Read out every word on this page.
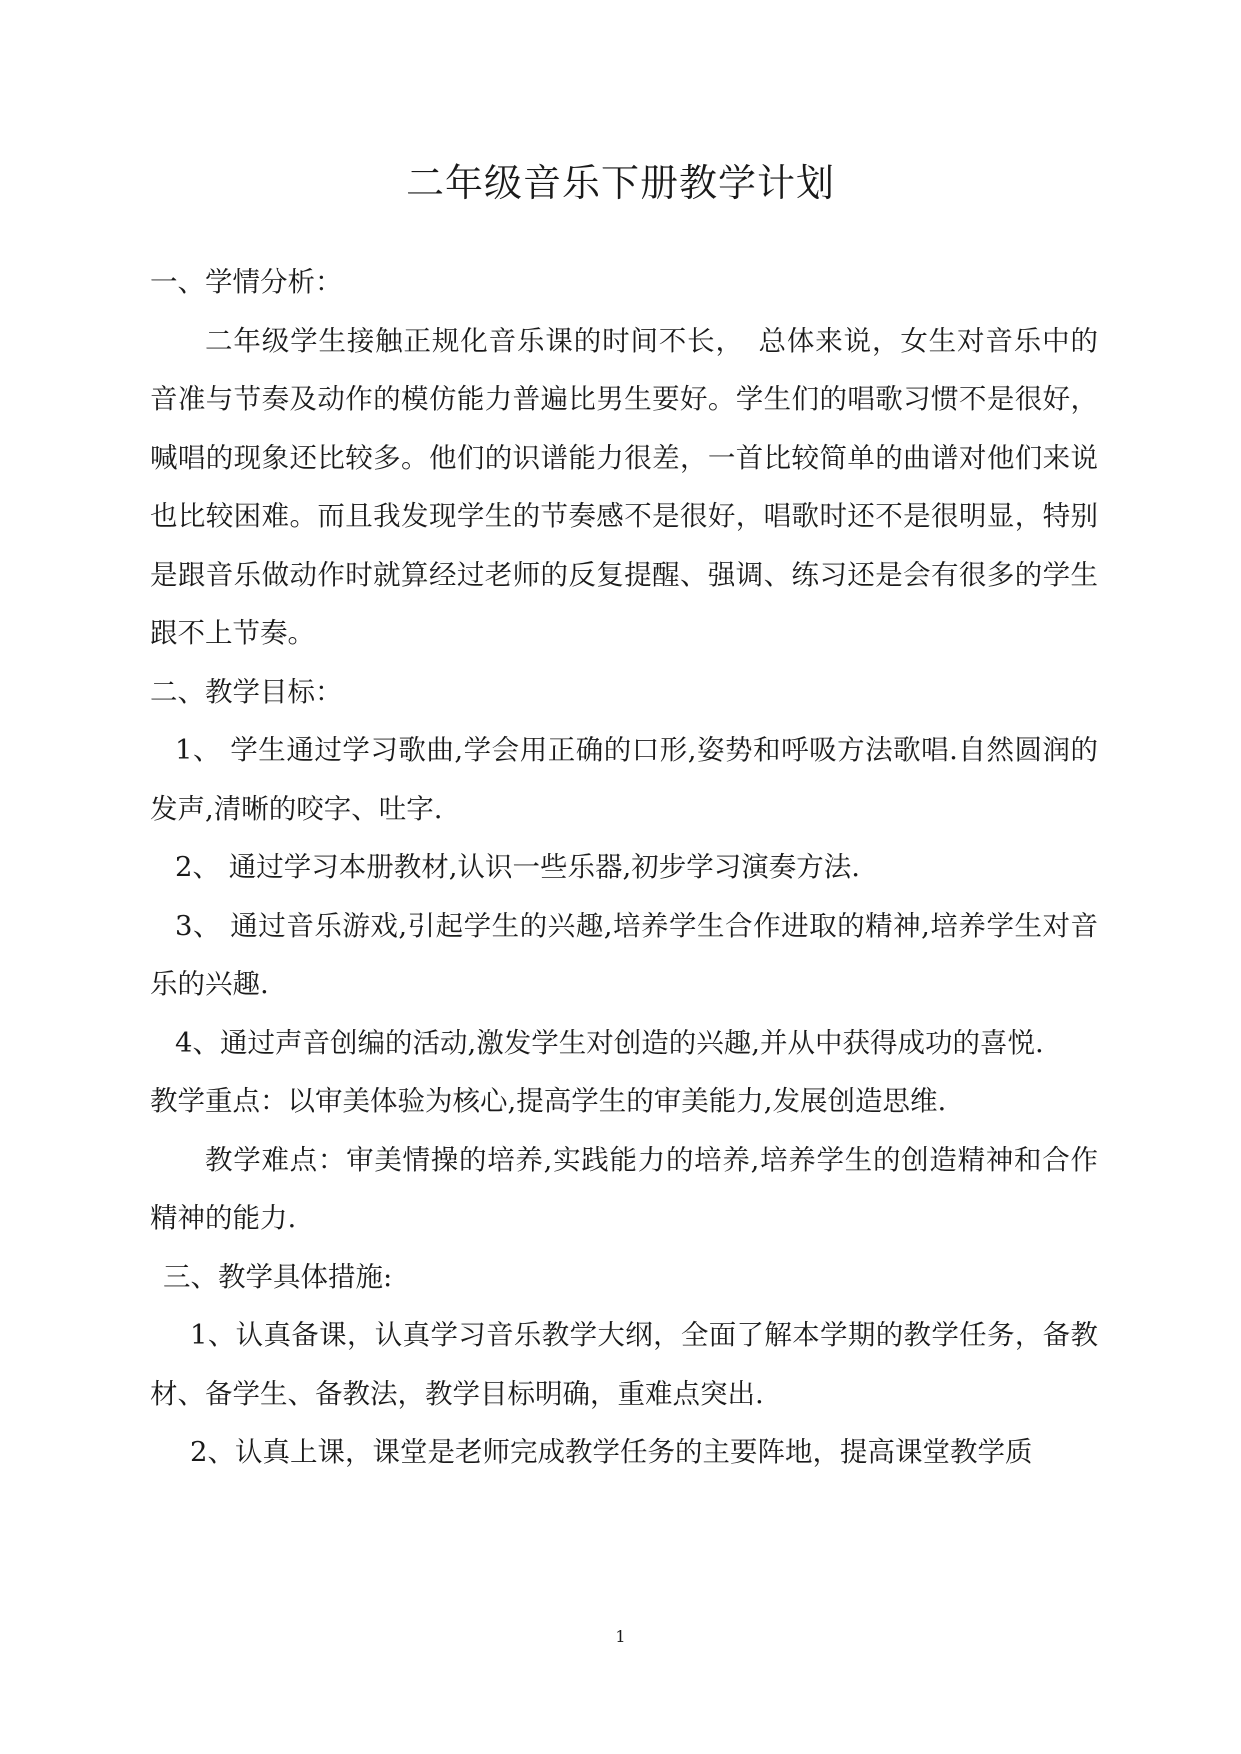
二年级音乐下册教学计划

一、学情分析：

二年级学生接触正规化音乐课的时间不长，　总体来说，女生对音乐中的音准与节奏及动作的模仿能力普遍比男生要好。学生们的唱歌习惯不是很好，喊唱的现象还比较多。他们的识谱能力很差，一首比较简单的曲谱对他们来说也比较困难。而且我发现学生的节奏感不是很好，唱歌时还不是很明显，特别是跟音乐做动作时就算经过老师的反复提醒、强调、练习还是会有很多的学生跟不上节奏。

二、教学目标：

1、 学生通过学习歌曲,学会用正确的口形,姿势和呼吸方法歌唱.自然圆润的发声,清晰的咬字、吐字.

2、 通过学习本册教材,认识一些乐器,初步学习演奏方法.

3、 通过音乐游戏,引起学生的兴趣,培养学生合作进取的精神,培养学生对音乐的兴趣.

4、通过声音创编的活动,激发学生对创造的兴趣,并从中获得成功的喜悦.

教学重点：以审美体验为核心,提高学生的审美能力,发展创造思维.

教学难点：审美情操的培养,实践能力的培养,培养学生的创造精神和合作精神的能力.

三、教学具体措施:

1、认真备课，认真学习音乐教学大纲，全面了解本学期的教学任务，备教材、备学生、备教法，教学目标明确，重难点突出.

2、认真上课，课堂是老师完成教学任务的主要阵地，提高课堂教学质

1
